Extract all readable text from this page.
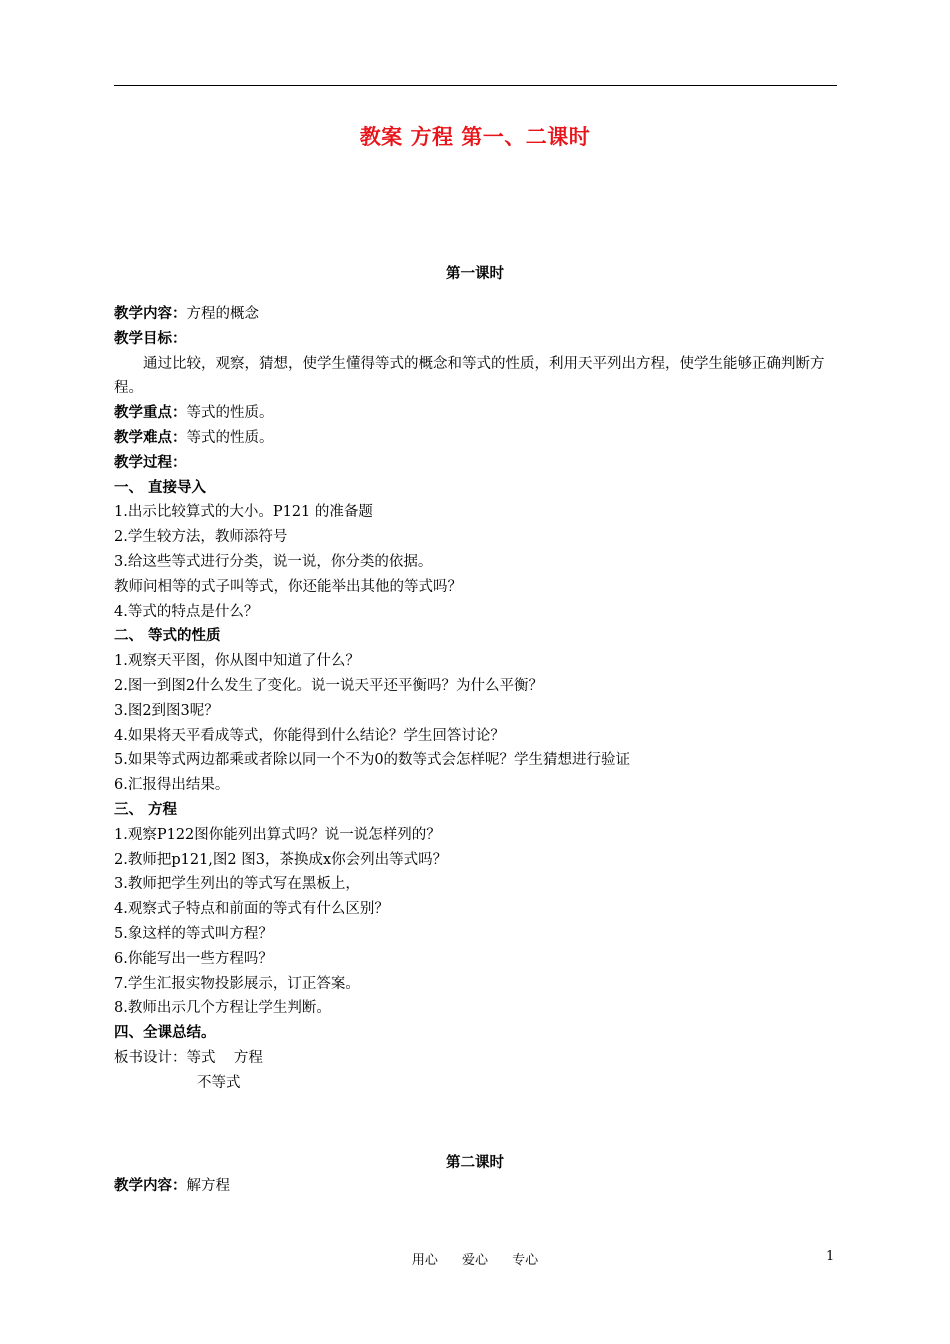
教案 方程 第一、二课时
第一课时
教学内容：方程的概念
教学目标：
通过比较，观察，猜想，使学生懂得等式的概念和等式的性质，利用天平列出方程，使学生能够正确判断方程。
教学重点：等式的性质。
教学难点：等式的性质。
教学过程：
一、 直接导入
1.出示比较算式的大小。P121 的准备题
2.学生较方法，教师添符号
3.给这些等式进行分类，说一说，你分类的依据。
教师问相等的式子叫等式，你还能举出其他的等式吗？
4.等式的特点是什么？
二、 等式的性质
1.观察天平图，你从图中知道了什么？
2.图一到图2什么发生了变化。说一说天平还平衡吗？为什么平衡？
3.图2到图3呢？
4.如果将天平看成等式，你能得到什么结论？学生回答讨论？
5.如果等式两边都乘或者除以同一个不为0的数等式会怎样呢？学生猜想进行验证
6.汇报得出结果。
三、 方程
1.观察P122图你能列出算式吗？说一说怎样列的？
2.教师把p121,图2 图3，茶换成x你会列出等式吗？
3.教师把学生列出的等式写在黑板上，
4.观察式子特点和前面的等式有什么区别？
5.象这样的等式叫方程？
6.你能写出一些方程吗？
7.学生汇报实物投影展示，订正答案。
8.教师出示几个方程让学生判断。
四、全课总结。
板书设计：等式    方程
不等式
第二课时
教学内容：解方程
用心 爱心 专心	1
